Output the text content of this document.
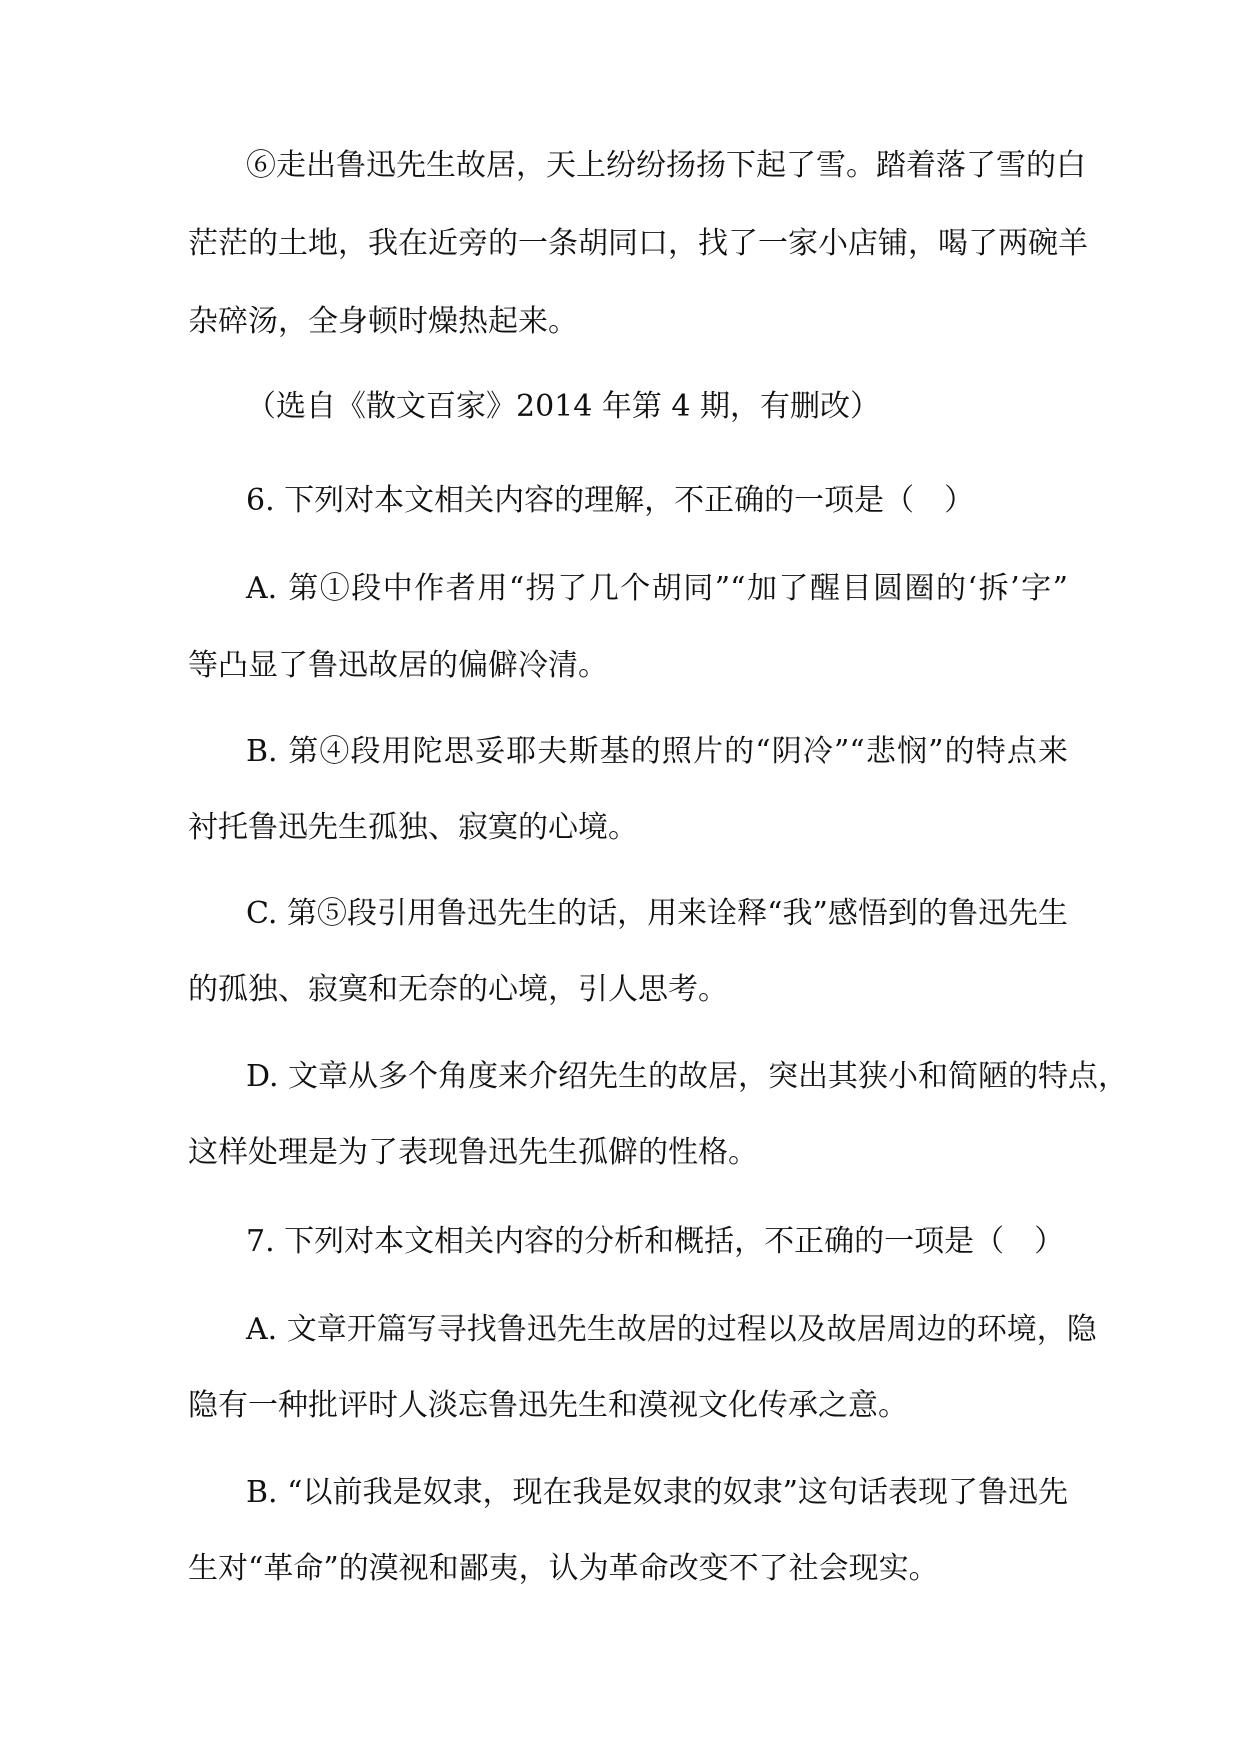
⑥走出鲁迅先生故居，天上纷纷扬扬下起了雪。踏着落了雪的白
茫茫的土地，我在近旁的一条胡同口，找了一家小店铺，喝了两碗羊
杂碎汤，全身顿时燥热起来。
（选自《散文百家》2014 年第 4 期，有删改）
6. 下列对本文相关内容的理解，不正确的一项是（　）
A. 第①段中作者用“拐了几个胡同”“加了醒目圆圈的‘拆’字”
等凸显了鲁迅故居的偏僻冷清。
B. 第④段用陀思妥耶夫斯基的照片的“阴冷”“悲悯”的特点来
衬托鲁迅先生孤独、寂寞的心境。
C. 第⑤段引用鲁迅先生的话，用来诠释“我”感悟到的鲁迅先生
的孤独、寂寞和无奈的心境，引人思考。
D. 文章从多个角度来介绍先生的故居，突出其狭小和简陋的特点，
这样处理是为了表现鲁迅先生孤僻的性格。
7. 下列对本文相关内容的分析和概括，不正确的一项是（　）
A. 文章开篇写寻找鲁迅先生故居的过程以及故居周边的环境，隐
隐有一种批评时人淡忘鲁迅先生和漠视文化传承之意。
B. “以前我是奴隶，现在我是奴隶的奴隶”这句话表现了鲁迅先
生对“革命”的漠视和鄙夷，认为革命改变不了社会现实。
